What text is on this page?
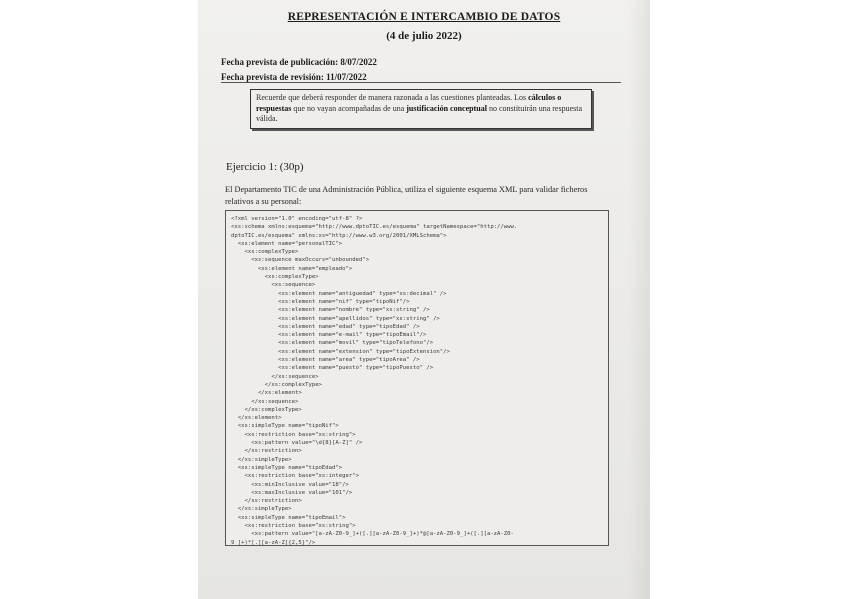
REPRESENTACIÓN E INTERCAMBIO DE DATOS
(4 de julio 2022)
Fecha prevista de publicación: 8/07/2022
Fecha prevista de revisión: 11/07/2022
Recuerde que deberá responder de manera razonada a las cuestiones planteadas. Los cálculos o respuestas que no vayan acompañadas de una justificación conceptual no constituirán una respuesta válida.
Ejercicio 1: (30p)
El Departamento TIC de una Administración Pública, utiliza el siguiente esquema XML para validar ficheros relativos a su personal:
<?xml version="1.0" encoding="utf-8" ?>
<xs:schema xmlns:esquema="http://www.dptoTIC.es/esquema" targetNamespace="http://www.
dptoTIC.es/esquema" xmlns:xs="http://www.w3.org/2001/XMLSchema">
<xs:element name="personalTIC">
<xs:complexType>
<xs:sequence maxOccurs="unbounded">
<xs:element name="empleado">
<xs:complexType>
<xs:sequence>
<xs:element name="antiguedad" type="xs:decimal" />
<xs:element name="nif" type="tipoNif"/>
<xs:element name="nombre" type="xs:string" />
<xs:element name="apellidos" type="xs:string" />
<xs:element name="edad" type="tipoEdad" />
<xs:element name="e-mail" type="tipoEmail"/>
<xs:element name="movil" type="tipoTelefono"/>
<xs:element name="extension" type="tipoExtension"/>
<xs:element name="area" type="tipoArea" />
<xs:element name="puesto" type="tipoPuesto" />
</xs:sequence>
</xs:complexType>
</xs:element>
</xs:sequence>
</xs:complexType>
</xs:element>
<xs:simpleType name="tipoNif">
<xs:restriction base="xs:string">
<xs:pattern value="\d{8}[A-Z]" />
</xs:restriction>
</xs:simpleType>
<xs:simpleType name="tipoEdad">
<xs:restriction base="xs:integer">
<xs:minInclusive value="18"/>
<xs:maxInclusive value="101"/>
</xs:restriction>
</xs:simpleType>
<xs:simpleType name="tipoEmail">
<xs:restriction base="xs:string">
<xs:pattern value="[a-zA-Z0-9_]+([.][a-zA-Z0-9_]+)*@[a-zA-Z0-9_]+([.][a-zA-Z0-
9_]+)*[.][a-zA-Z]{2,5}"/>
